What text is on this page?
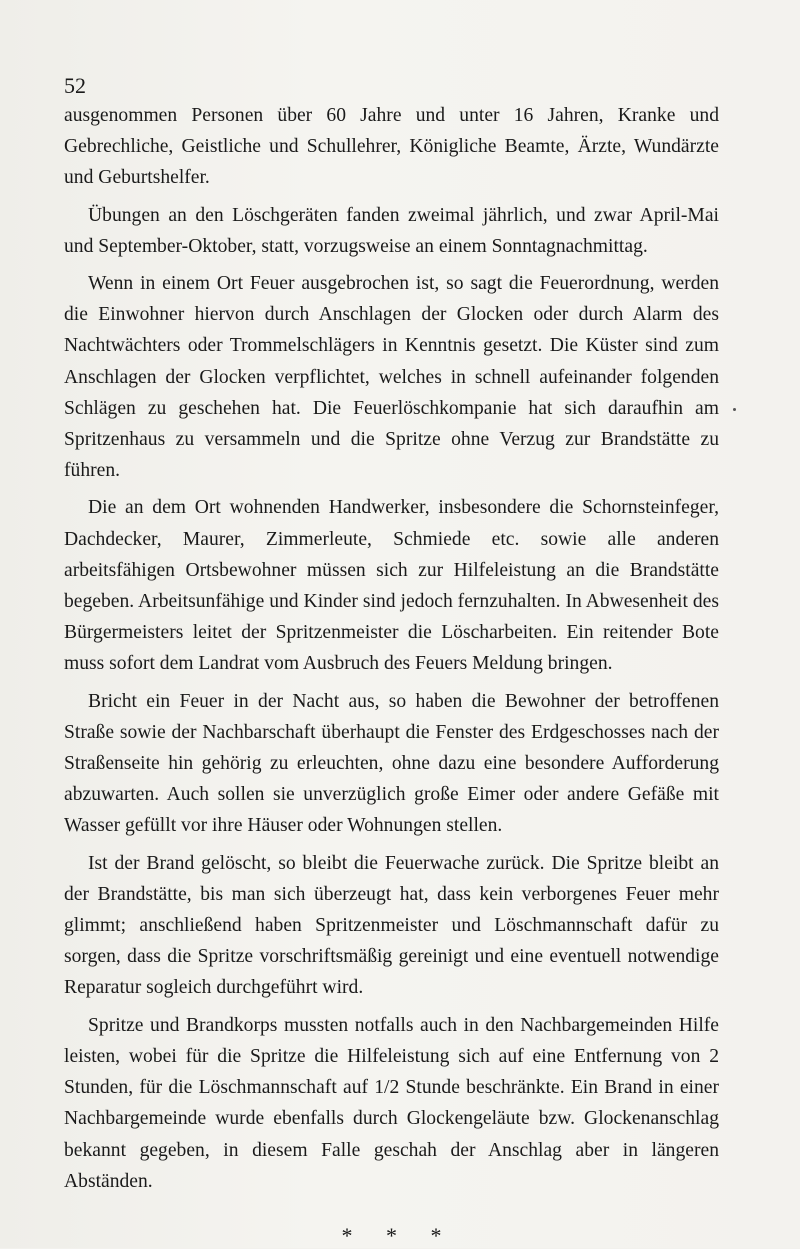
52

ausgenommen Personen über 60 Jahre und unter 16 Jahren, Kranke und Gebrechliche, Geistliche und Schullehrer, Königliche Beamte, Ärzte, Wundärzte und Geburtshelfer.

Übungen an den Löschgeräten fanden zweimal jährlich, und zwar April-Mai und September-Oktober, statt, vorzugsweise an einem Sonntagnachmittag.

Wenn in einem Ort Feuer ausgebrochen ist, so sagt die Feuerordnung, werden die Einwohner hiervon durch Anschlagen der Glocken oder durch Alarm des Nachtwächters oder Trommelschlägers in Kenntnis gesetzt. Die Küster sind zum Anschlagen der Glocken verpflichtet, welches in schnell aufeinander folgenden Schlägen zu geschehen hat. Die Feuerlöschkompanie hat sich daraufhin am Spritzenhaus zu versammeln und die Spritze ohne Verzug zur Brandstätte zu führen.

Die an dem Ort wohnenden Handwerker, insbesondere die Schornsteinfeger, Dachdecker, Maurer, Zimmerleute, Schmiede etc. sowie alle anderen arbeitsfähigen Ortsbewohner müssen sich zur Hilfeleistung an die Brandstätte begeben. Arbeitsunfähige und Kinder sind jedoch fernzuhalten. In Abwesenheit des Bürgermeisters leitet der Spritzenmeister die Löscharbeiten. Ein reitender Bote muss sofort dem Landrat vom Ausbruch des Feuers Meldung bringen.

Bricht ein Feuer in der Nacht aus, so haben die Bewohner der betroffenen Straße sowie der Nachbarschaft überhaupt die Fenster des Erdgeschosses nach der Straßenseite hin gehörig zu erleuchten, ohne dazu eine besondere Aufforderung abzuwarten. Auch sollen sie unverzüglich große Eimer oder andere Gefäße mit Wasser gefüllt vor ihre Häuser oder Wohnungen stellen.

Ist der Brand gelöscht, so bleibt die Feuerwache zurück. Die Spritze bleibt an der Brandstätte, bis man sich überzeugt hat, dass kein verborgenes Feuer mehr glimmt; anschließend haben Spritzenmeister und Löschmannschaft dafür zu sorgen, dass die Spritze vorschriftsmäßig gereinigt und eine eventuell notwendige Reparatur sogleich durchgeführt wird.

Spritze und Brandkorps mussten notfalls auch in den Nachbargemeinden Hilfe leisten, wobei für die Spritze die Hilfeleistung sich auf eine Entfernung von 2 Stunden, für die Löschmannschaft auf 1/2 Stunde beschränkte. Ein Brand in einer Nachbargemeinde wurde ebenfalls durch Glockengeläute bzw. Glockenanschlag bekannt gegeben, in diesem Falle geschah der Anschlag aber in längeren Abständen.

* * *
